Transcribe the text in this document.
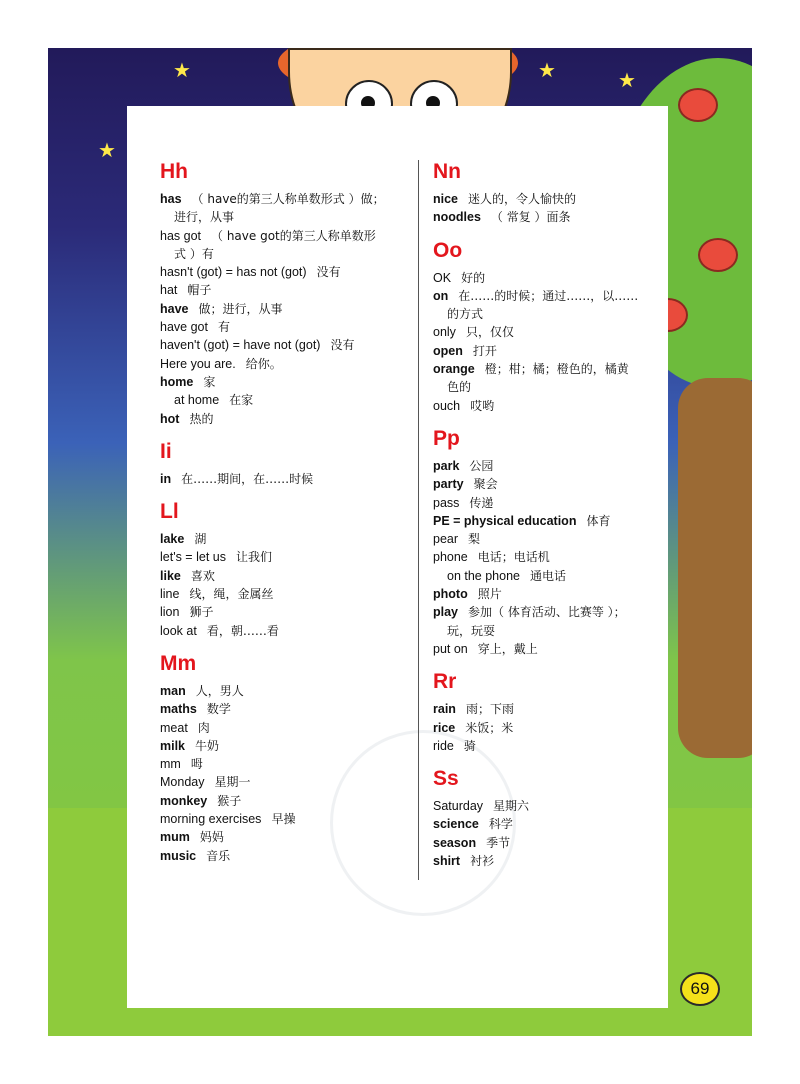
★
★
★	★
Hh
has （ have的第三人称单数形式 ）做；
进行，从事
has got （ have got的第三人称单数形
式 ）有
hasn't (got) = has not (got) 没有
hat 帽子
have 做；进行，从事
have got 有
haven't (got) = have not (got) 没有
Here you are. 给你。
home 家
at home 在家
hot 热的
Ii
in 在……期间，在……时候
Ll
lake 湖
let's = let us 让我们
like 喜欢
line 线，绳，金属丝
lion 狮子
look at 看，朝……看
Mm
man 人，男人
maths 数学
meat 肉
milk 牛奶
mm 呣
Monday 星期一
monkey 猴子
morning exercises 早操
mum 妈妈
music 音乐
Nn
nice 迷人的，令人愉快的
noodles （ 常复 ）面条
Oo
OK 好的
on 在……的时候；通过……，以……
的方式
only 只，仅仅
open 打开
orange 橙；柑；橘；橙色的，橘黄
色的
ouch 哎哟
Pp
park 公园
party 聚会
pass 传递
PE = physical education 体育
pear 梨
phone 电话；电话机
on the phone 通电话
photo 照片
play 参加（ 体育活动、比赛等 ）；
玩，玩耍
put on 穿上，戴上
Rr
rain 雨；下雨
rice 米饭；米
ride 骑
Ss
Saturday 星期六
science 科学
season 季节
shirt 衬衫
69
